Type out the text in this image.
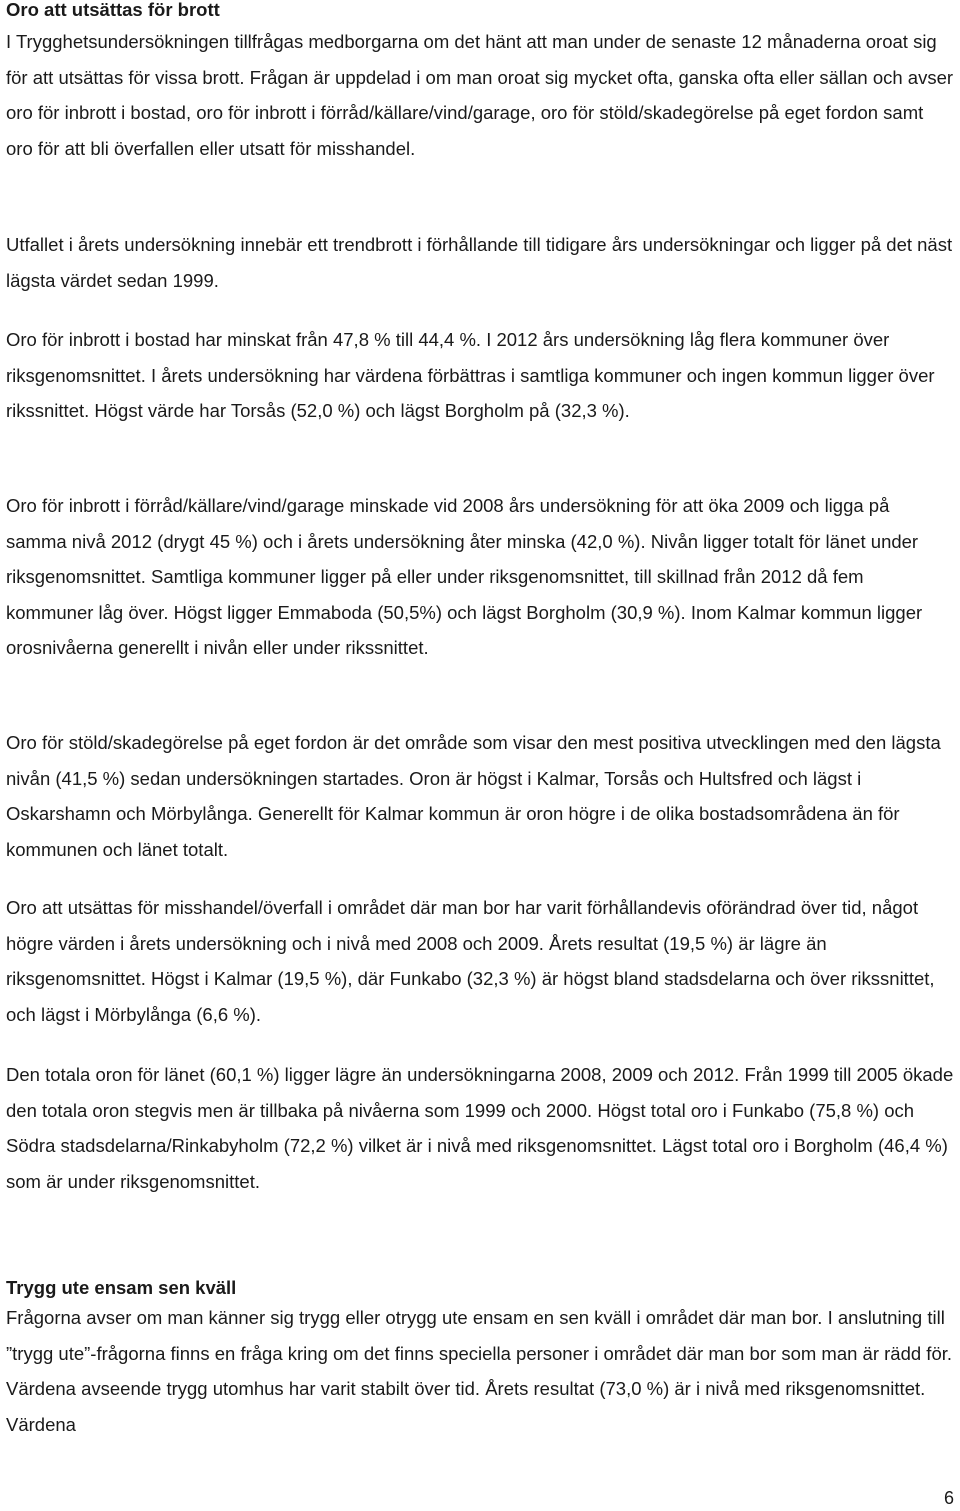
Oro att utsättas för brott

I Trygghetsundersökningen tillfrågas medborgarna om det hänt att man under de senaste 12 månaderna oroat sig för att utsättas för vissa brott. Frågan är uppdelad i om man oroat sig mycket ofta, ganska ofta eller sällan och avser oro för inbrott i bostad, oro för inbrott i förråd/källare/vind/garage, oro för stöld/skadegörelse på eget fordon samt oro för att bli överfallen eller utsatt för misshandel.

Utfallet i årets undersökning innebär ett trendbrott i förhållande till tidigare års undersökningar och ligger på det näst lägsta värdet sedan 1999.

Oro för inbrott i bostad har minskat från 47,8 % till 44,4 %. I 2012 års undersökning låg flera kommuner över riksgenomsnittet. I årets undersökning har värdena förbättras i samtliga kommuner och ingen kommun ligger över rikssnittet. Högst värde har Torsås (52,0 %) och lägst Borgholm på (32,3 %).

Oro för inbrott i förråd/källare/vind/garage minskade vid 2008 års undersökning för att öka 2009 och ligga på samma nivå 2012 (drygt 45 %) och i årets undersökning åter minska (42,0 %). Nivån ligger totalt för länet under riksgenomsnittet. Samtliga kommuner ligger på eller under riksgenomsnittet, till skillnad från 2012 då fem kommuner låg över. Högst ligger Emmaboda (50,5%) och lägst Borgholm (30,9 %). Inom Kalmar kommun ligger orosnivåerna generellt i nivån eller under rikssnittet.

Oro för stöld/skadegörelse på eget fordon är det område som visar den mest positiva utvecklingen med den lägsta nivån (41,5 %) sedan undersökningen startades. Oron är högst i Kalmar, Torsås och Hultsfred och lägst i Oskarshamn och Mörbylånga. Generellt för Kalmar kommun är oron högre i de olika bostadsområdena än för kommunen och länet totalt.

Oro att utsättas för misshandel/överfall i området där man bor har varit förhållandevis oförändrad över tid, något högre värden i årets undersökning och i nivå med 2008 och 2009. Årets resultat (19,5 %) är lägre än riksgenomsnittet. Högst i Kalmar (19,5 %), där Funkabo (32,3 %) är högst bland stadsdelarna och över rikssnittet, och lägst i Mörbylånga (6,6 %).

Den totala oron för länet (60,1 %) ligger lägre än undersökningarna 2008, 2009 och 2012. Från 1999 till 2005 ökade den totala oron stegvis men är tillbaka på nivåerna som 1999 och 2000. Högst total oro i Funkabo (75,8 %) och Södra stadsdelarna/Rinkabyholm (72,2 %) vilket är i nivå med riksgenomsnittet. Lägst total oro i Borgholm (46,4 %) som är under riksgenomsnittet.

Trygg ute ensam sen kväll

Frågorna avser om man känner sig trygg eller otrygg ute ensam en sen kväll i området där man bor. I anslutning till ”trygg ute”-frågorna finns en fråga kring om det finns speciella personer i området där man bor som man är rädd för. Värdena avseende trygg utomhus har varit stabilt över tid. Årets resultat (73,0 %) är i nivå med riksgenomsnittet. Värdena

6
